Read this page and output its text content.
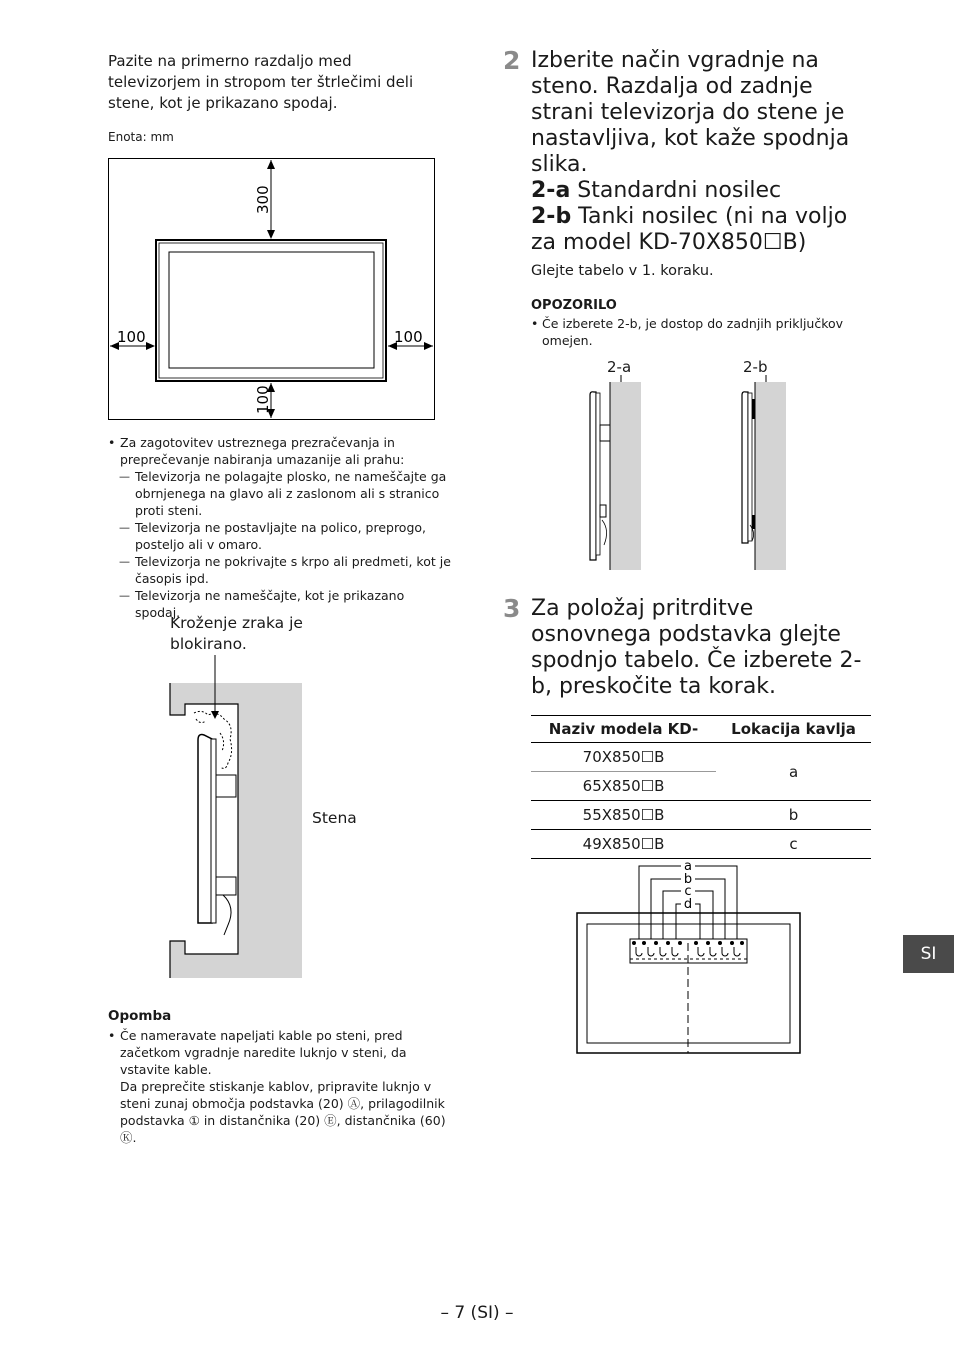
Pazite na primerno razdaljo med televizorjem in stropom ter štrlečimi deli stene, kot je prikazano spodaj.
Enota: mm
300
100
100	100
• Za zagotovitev ustreznega prezračevanja in preprečevanje nabiranja umazanije ali prahu:
— Televizorja ne polagajte plosko, ne nameščajte ga obrnjenega na glavo ali z zaslonom ali s stranico proti steni.
— Televizorja ne postavljajte na polico, preprogo, posteljo ali v omaro.
— Televizorja ne pokrivajte s krpo ali predmeti, kot je časopis ipd.
— Televizorja ne nameščajte, kot je prikazano spodaj.
Kroženje zraka je
blokirano.
Stena
Opomba
• Če nameravate napeljati kable po steni, pred začetkom vgradnje naredite luknjo v steni, da vstavite kable.
Da preprečite stiskanje kablov, pripravite luknjo v steni zunaj območja podstavka (20) Ⓐ, prilagodilnik podstavka ① in distančnika (20) Ⓔ, distančnika (60) Ⓚ.
2 Izberite način vgradnje na steno. Razdalja od zadnje strani televizorja do stene je nastavljiva, kot kaže spodnja slika.
2-a Standardni nosilec
2-b Tanki nosilec (ni na voljo za model KD-70X850☐B)
Glejte tabelo v 1. koraku.
OPOZORILO
• Če izberete 2-b, je dostop do zadnjih priključkov omejen.
2-a	2-b
3 Za položaj pritrditve osnovnega podstavka glejte spodnjo tabelo. Če izberete 2-b, preskočite ta korak.
Naziv modela KD-	Lokacija kavlja
70X850☐B	a
65X850☐B	
55X850☐B	b
49X850☐B	c
a
b
c
d
SI
– 7 (SI) –
